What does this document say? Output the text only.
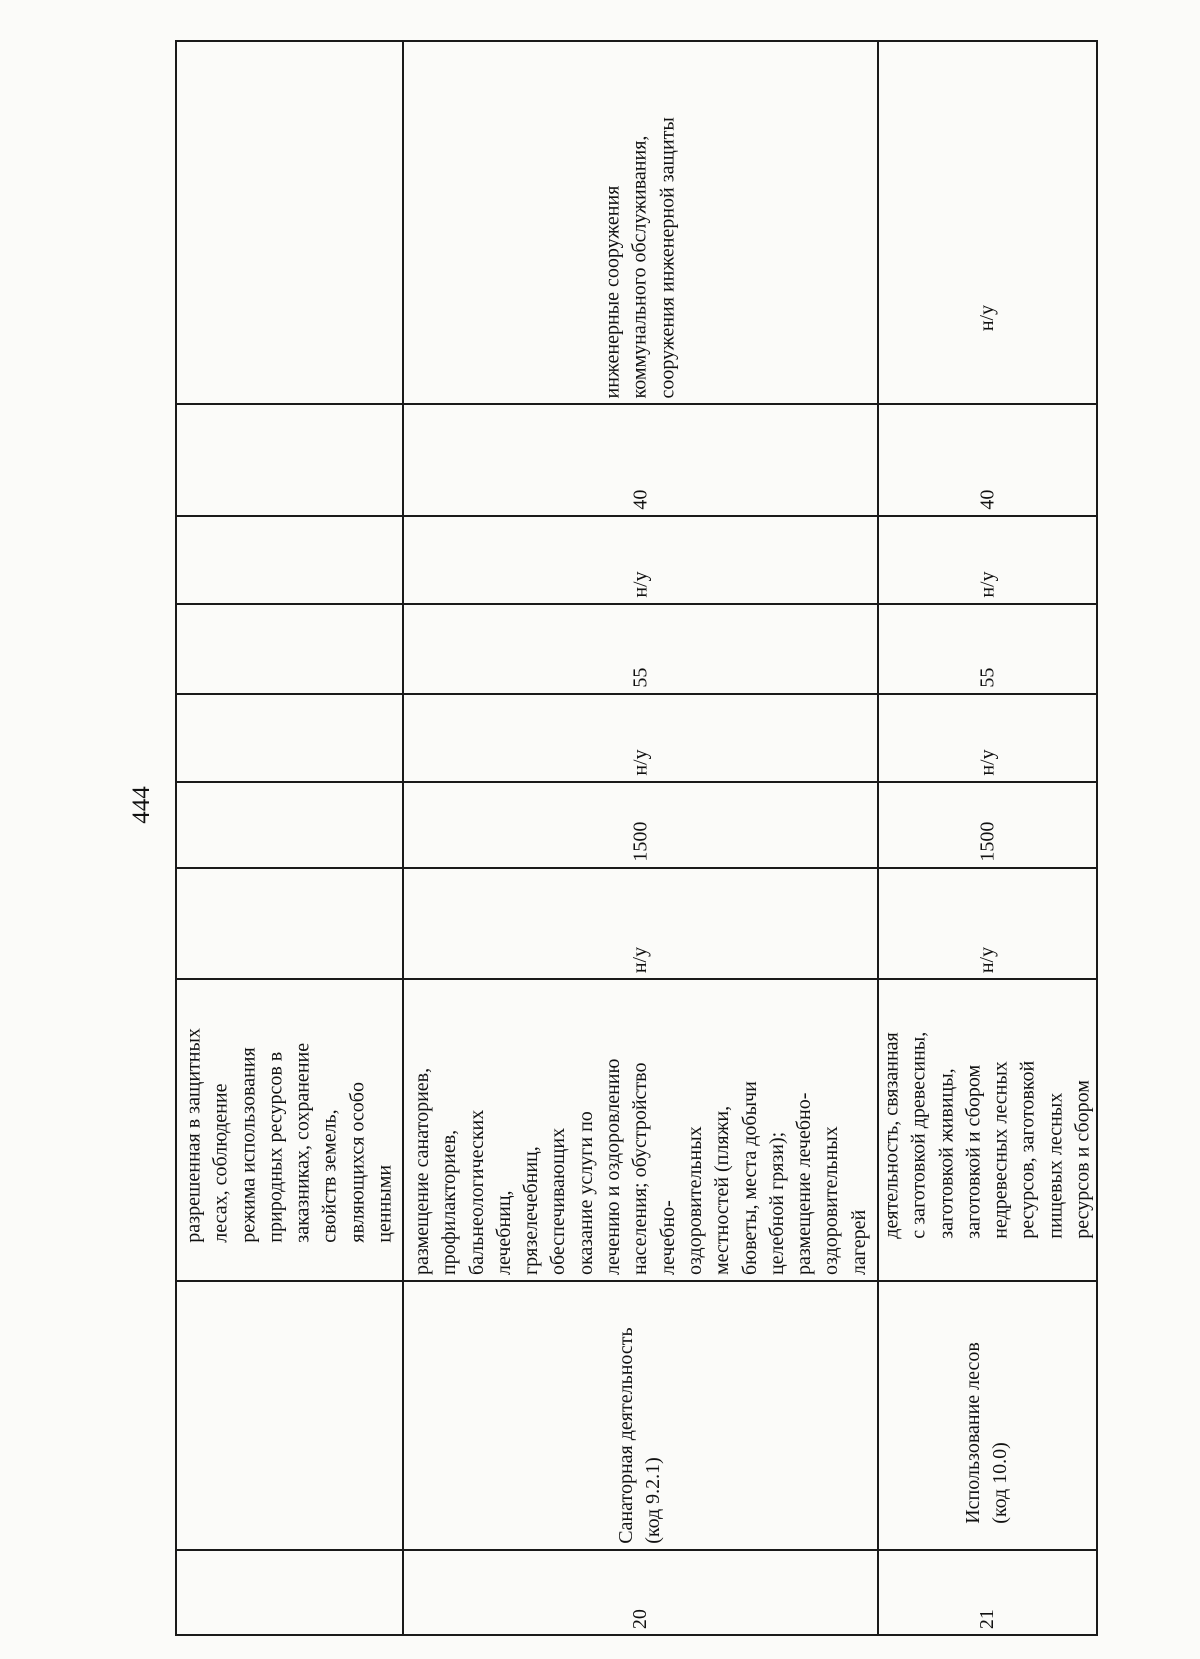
444
разрешенная в защитных
лесах, соблюдение
режима использования
природных ресурсов в
заказниках, сохранение
свойств земель,
являющихся особо
ценными
20
Санаторная деятельность
(код 9.2.1)
размещение санаториев,
профилакториев,
бальнеологических
лечебниц,
грязелечебниц,
обеспечивающих
оказание услуги по
лечению и оздоровлению
населения; обустройство
лечебно-
оздоровительных
местностей (пляжи,
бюветы, места добычи
целебной грязи);
размещение лечебно-
оздоровительных
лагерей
н/у
1500
н/у
55
н/у
40
инженерные сооружения
коммунального обслуживания,
сооружения инженерной защиты
21
Использование лесов
(код 10.0)
деятельность, связанная
с заготовкой древесины,
заготовкой живицы,
заготовкой и сбором
недревесных лесных
ресурсов, заготовкой
пищевых лесных
ресурсов и сбором
н/у
1500
н/у
55
н/у
40
н/у
